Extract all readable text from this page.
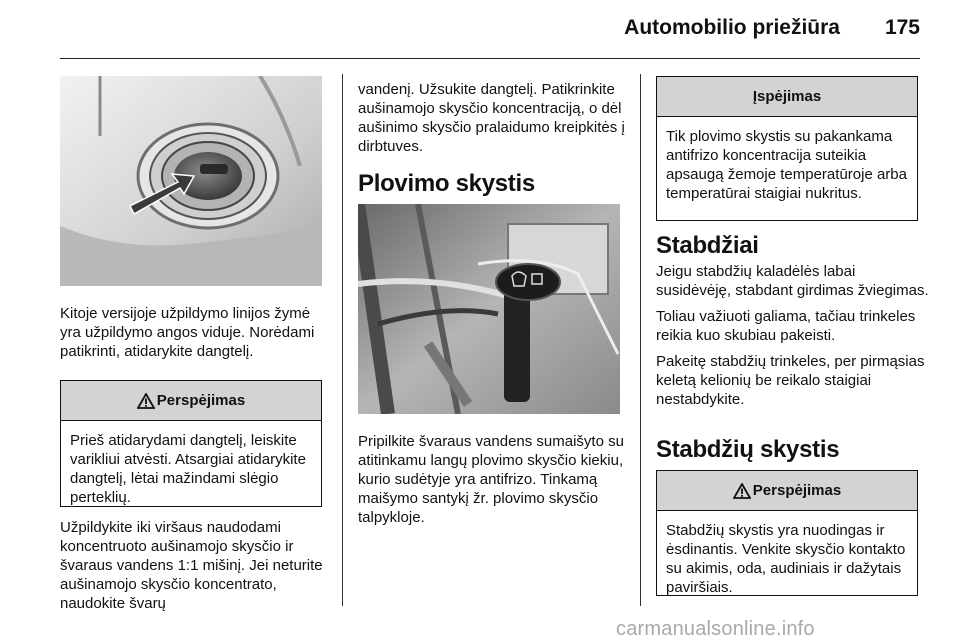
Automobilio priežiūra 175

Kitoje versijoje užpildymo linijos žymė yra užpildymo angos viduje. Norėdami patikrinti, atidarykite dangtelį.

Perspėjimas
Prieš atidarydami dangtelį, leiskite varikliui atvėsti. Atsargiai atidarykite dangtelį, lėtai mažindami slėgio perteklių.

Užpildykite iki viršaus naudodami koncentruoto aušinamojo skysčio ir švaraus vandens 1:1 mišinį. Jei neturite aušinamojo skysčio koncentrato, naudokite švarų

vandenį. Užsukite dangtelį. Patikrinkite aušinamojo skysčio koncentraciją, o dėl aušinimo skysčio pralaidumo kreipkitės į dirbtuves.

Plovimo skystis

Pripilkite švaraus vandens sumaišyto su atitinkamu langų plovimo skysčio kiekiu, kurio sudėtyje yra antifrizo. Tinkamą maišymo santykį žr. plovimo skysčio talpykloje.

Įspėjimas
Tik plovimo skystis su pakankama antifrizo koncentracija suteikia apsaugą žemoje temperatūroje arba temperatūrai staigiai nukritus.
Stabdžiai

Jeigu stabdžių kaladėlės labai susidėvėję, stabdant girdimas žviegimas.

Toliau važiuoti galiama, tačiau trinkeles reikia kuo skubiau pakeisti.

Pakeitę stabdžių trinkeles, per pirmąsias keletą kelionių be reikalo staigiai nestabdykite.

Stabdžių skystis
Perspėjimas
Stabdžių skystis yra nuodingas ir ėsdinantis. Venkite skysčio kontakto su akimis, oda, audiniais ir dažytais paviršiais.
carmanualsonline.info
